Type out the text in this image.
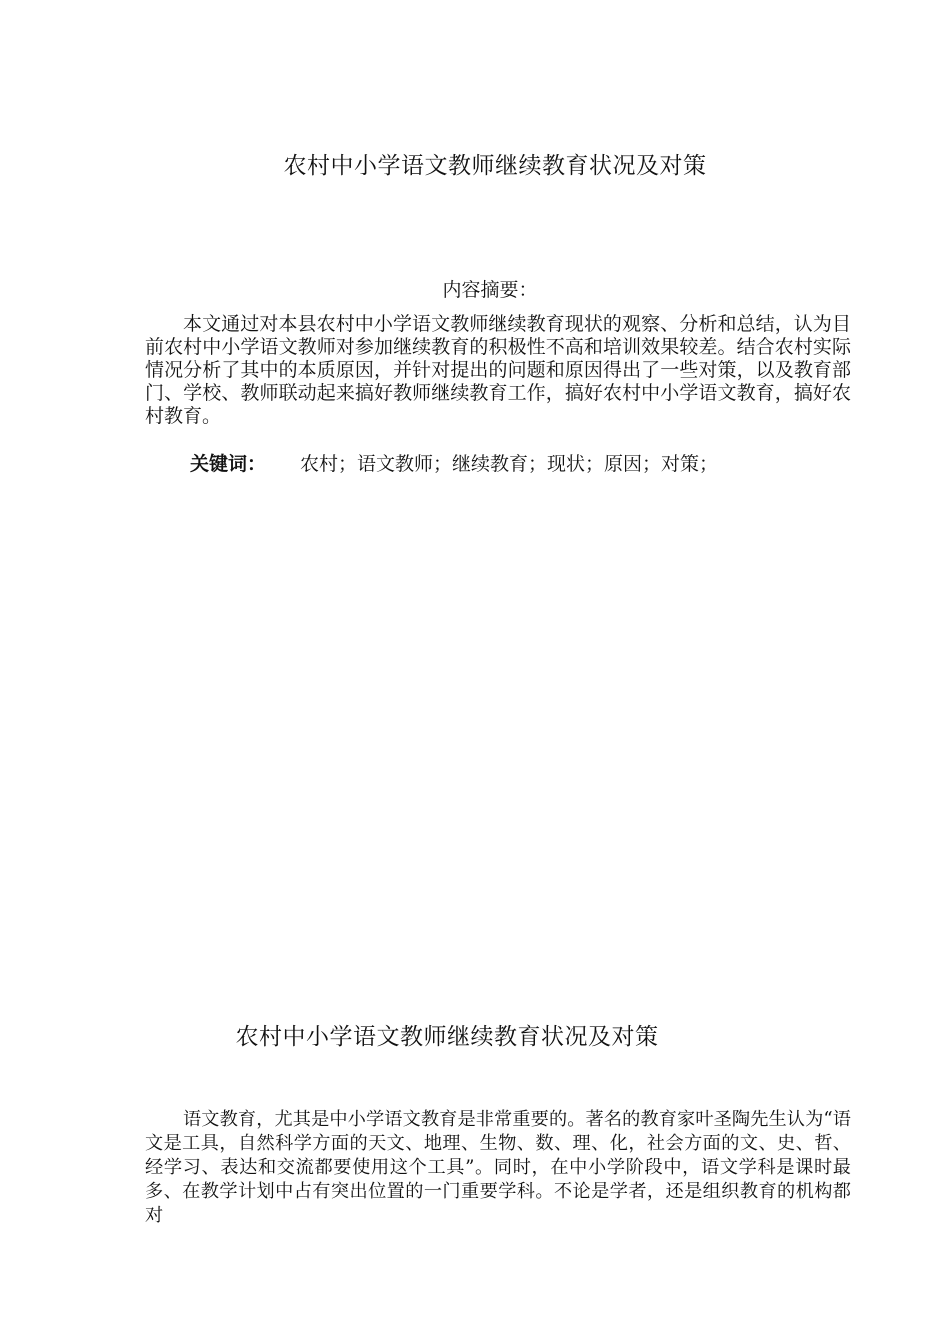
农村中小学语文教师继续教育状况及对策
内容摘要：
本文通过对本县农村中小学语文教师继续教育现状的观察、分析和总结，认为目前农村中小学语文教师对参加继续教育的积极性不高和培训效果较差。结合农村实际情况分析了其中的本质原因，并针对提出的问题和原因得出了一些对策，以及教育部门、学校、教师联动起来搞好教师继续教育工作，搞好农村中小学语文教育，搞好农村教育。
关键词： 农村；语文教师；继续教育；现状；原因；对策；
农村中小学语文教师继续教育状况及对策
语文教育，尤其是中小学语文教育是非常重要的。著名的教育家叶圣陶先生认为“语文是工具，自然科学方面的天文、地理、生物、数、理、化，社会方面的文、史、哲、经学习、表达和交流都要使用这个工具”。同时，在中小学阶段中，语文学科是课时最多、在教学计划中占有突出位置的一门重要学科。不论是学者，还是组织教育的机构都对
